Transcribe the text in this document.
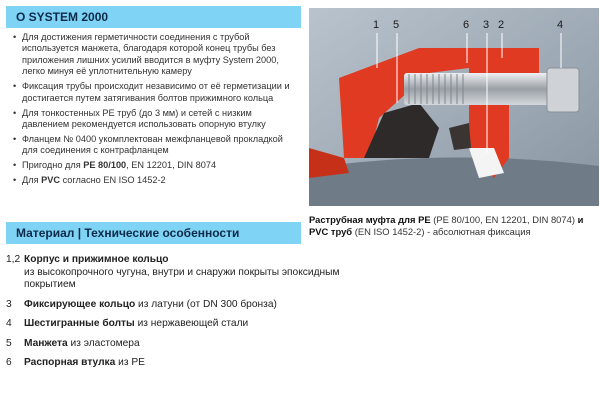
О SYSTEM 2000
• Для достижения герметичности соединения с трубой используется манжета, благодаря которой конец трубы без приложения лишних усилий вводится в муфту System 2000, легко минуя её уплотнительную камеру
• Фиксация трубы происходит независимо от её герметизации и достигается путем затягивания болтов прижимного кольца
• Для тонкостенных PE труб (до 3 мм) и сетей с низким давлением рекомендуется использовать опорную втулку
• Фланцем № 0400 укомплектован межфланцевой прокладкой для соединения с контрафланцем
• Пригодно для PE 80/100, EN 12201, DIN 8074
• Для PVC согласно EN ISO 1452-2
1 5	6 3 2	4
Раструбная муфта для PE (PE 80/100, EN 12201, DIN 8074) и
PVC труб (EN ISO 1452-2) - абсолютная фиксация
Материал | Технические особенности
1,2 Корпус и прижимное кольцо
из высокопрочного чугуна, внутри и снаружи покрыты эпоксидным покрытием
3	Фиксирующее кольцо из латуни (от DN 300 бронза)
4	Шестигранные болты из нержавеющей стали
5	Манжета из эластомера
6	Распорная втулка из PE
